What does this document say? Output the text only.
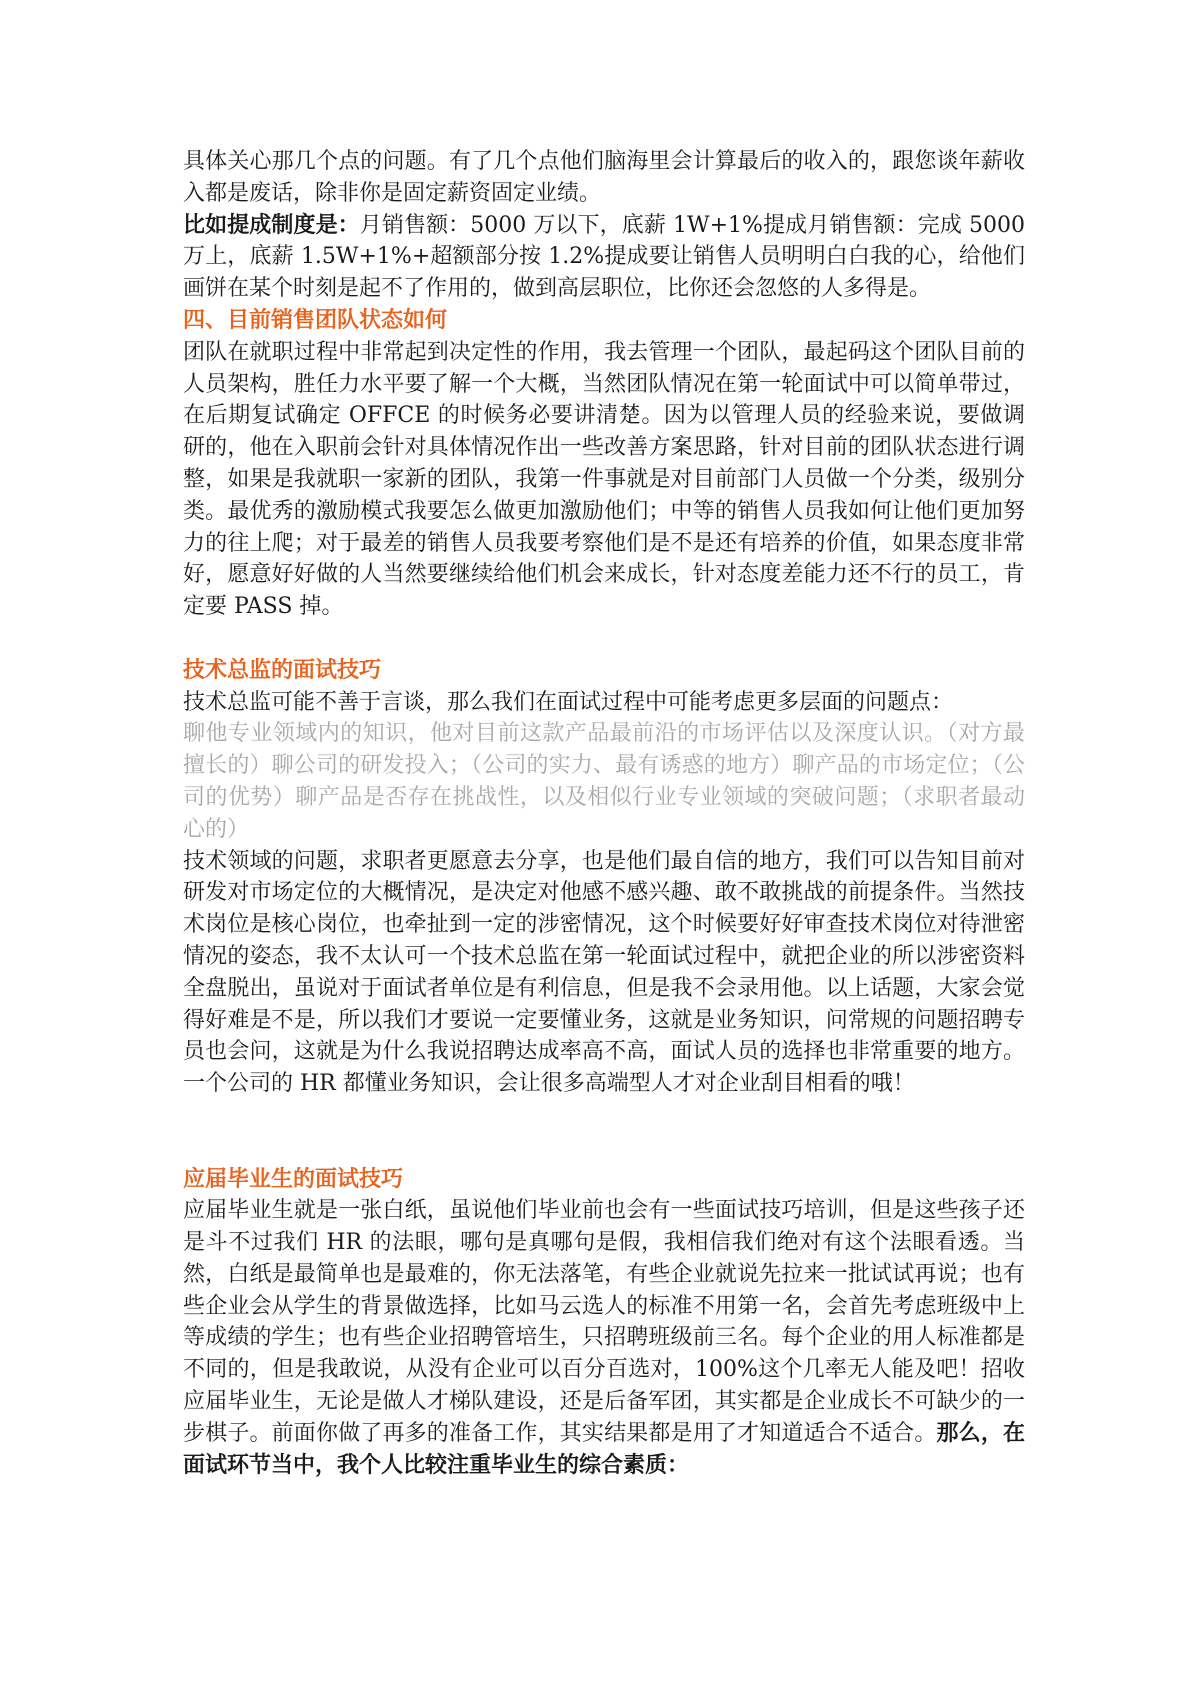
具体关心那几个点的问题。有了几个点他们脑海里会计算最后的收入的，跟您谈年薪收入都是废话，除非你是固定薪资固定业绩。

比如提成制度是：月销售额：5000 万以下，底薪 1W+1%提成月销售额：完成 5000 万上，底薪 1.5W+1%+超额部分按 1.2%提成要让销售人员明明白白我的心，给他们画饼在某个时刻是起不了作用的，做到高层职位，比你还会忽悠的人多得是。

四、目前销售团队状态如何

团队在就职过程中非常起到决定性的作用，我去管理一个团队，最起码这个团队目前的人员架构，胜任力水平要了解一个大概，当然团队情况在第一轮面试中可以简单带过，在后期复试确定 OFFCE 的时候务必要讲清楚。因为以管理人员的经验来说，要做调研的，他在入职前会针对具体情况作出一些改善方案思路，针对目前的团队状态进行调整，如果是我就职一家新的团队，我第一件事就是对目前部门人员做一个分类，级别分类。最优秀的激励模式我要怎么做更加激励他们；中等的销售人员我如何让他们更加努力的往上爬；对于最差的销售人员我要考察他们是不是还有培养的价值，如果态度非常好，愿意好好做的人当然要继续给他们机会来成长，针对态度差能力还不行的员工，肯定要 PASS 掉。

技术总监的面试技巧

技术总监可能不善于言谈，那么我们在面试过程中可能考虑更多层面的问题点：

聊他专业领域内的知识，他对目前这款产品最前沿的市场评估以及深度认识。（对方最擅长的）聊公司的研发投入；（公司的实力、最有诱惑的地方）聊产品的市场定位；（公司的优势）聊产品是否存在挑战性，以及相似行业专业领域的突破问题；（求职者最动心的）

技术领域的问题，求职者更愿意去分享，也是他们最自信的地方，我们可以告知目前对研发对市场定位的大概情况，是决定对他感不感兴趣、敢不敢挑战的前提条件。当然技术岗位是核心岗位，也牵扯到一定的涉密情况，这个时候要好好审查技术岗位对待泄密情况的姿态，我不太认可一个技术总监在第一轮面试过程中，就把企业的所以涉密资料全盘脱出，虽说对于面试者单位是有利信息，但是我不会录用他。以上话题，大家会觉得好难是不是，所以我们才要说一定要懂业务，这就是业务知识，问常规的问题招聘专员也会问，这就是为什么我说招聘达成率高不高，面试人员的选择也非常重要的地方。一个公司的 HR 都懂业务知识，会让很多高端型人才对企业刮目相看的哦！

应届毕业生的面试技巧

应届毕业生就是一张白纸，虽说他们毕业前也会有一些面试技巧培训，但是这些孩子还是斗不过我们 HR 的法眼，哪句是真哪句是假，我相信我们绝对有这个法眼看透。当然，白纸是最简单也是最难的，你无法落笔，有些企业就说先拉来一批试试再说；也有些企业会从学生的背景做选择，比如马云选人的标准不用第一名，会首先考虑班级中上等成绩的学生；也有些企业招聘管培生，只招聘班级前三名。每个企业的用人标准都是不同的，但是我敢说，从没有企业可以百分百选对，100%这个几率无人能及吧！招收应届毕业生，无论是做人才梯队建设，还是后备军团，其实都是企业成长不可缺少的一步棋子。前面你做了再多的准备工作，其实结果都是用了才知道适合不适合。那么，在面试环节当中，我个人比较注重毕业生的综合素质：
